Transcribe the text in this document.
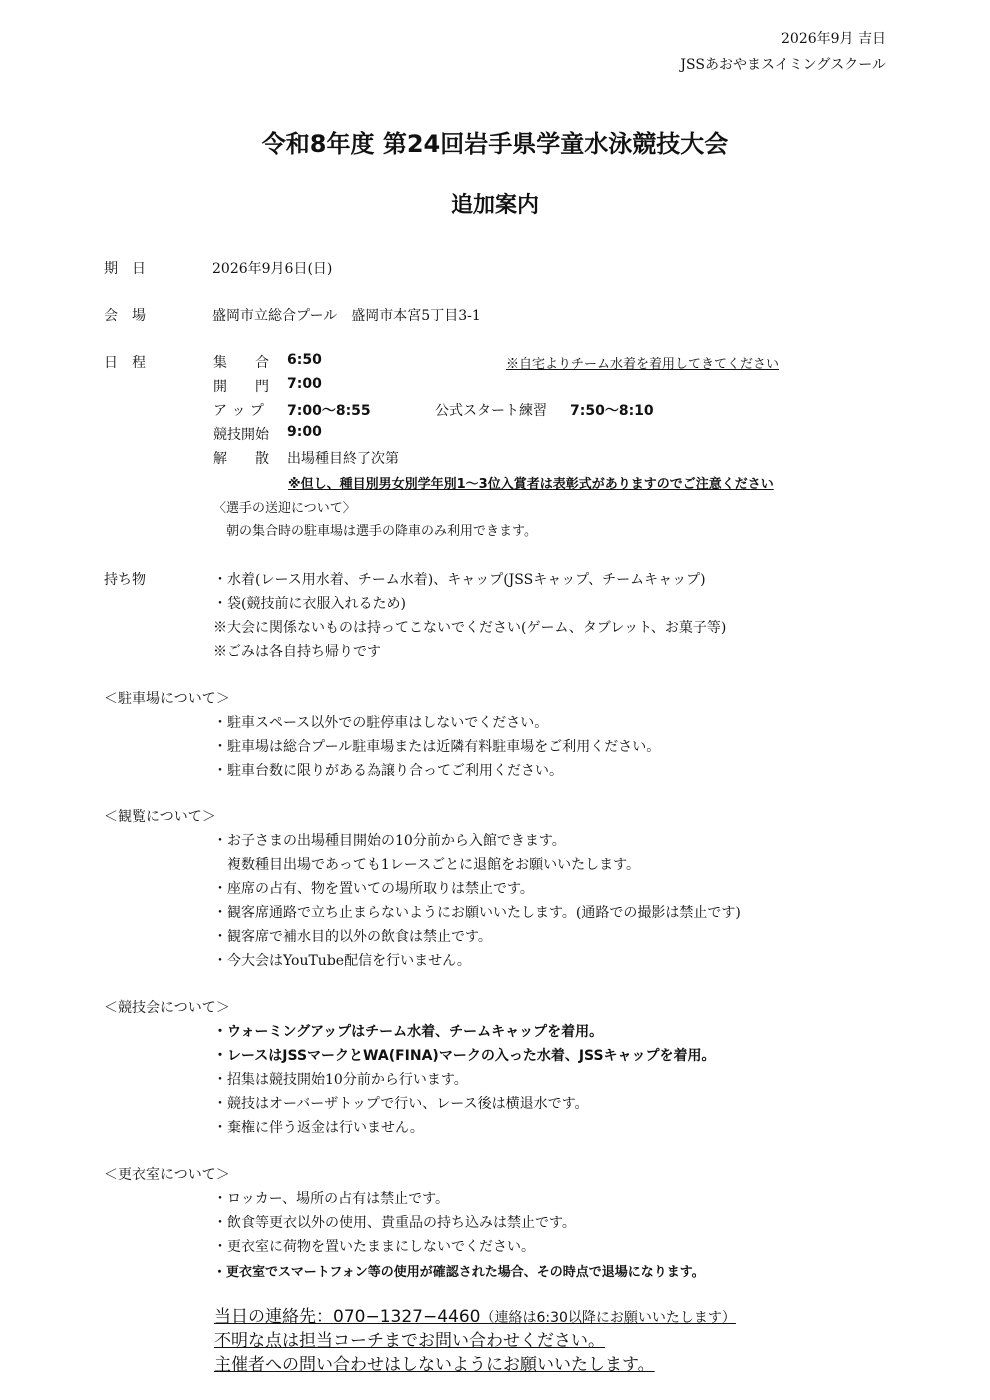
2026年9月 吉日
JSSあおやまスイミングスクール
令和8年度 第24回岩手県学童水泳競技大会
追加案内
期　日	2026年9月6日(日)
会　場	盛岡市立総合プール　盛岡市本宮5丁目3-1
日　程	集　　合 6:50	※自宅よりチーム水着を着用してきてください
開　　門 7:00
ア ッ プ 7:00〜8:55	公式スタート練習 7:50〜8:10
競技開始 9:00
解　　散 出場種目終了次第
※但し、種目別男女別学年別1〜3位入賞者は表彰式がありますのでご注意ください
〈選手の送迎について〉
朝の集合時の駐車場は選手の降車のみ利用できます。
持ち物	・水着(レース用水着、チーム水着)、キャップ(JSSキャップ、チームキャップ)
・袋(競技前に衣服入れるため)
※大会に関係ないものは持ってこないでください(ゲーム、タブレット、お菓子等)
※ごみは各自持ち帰りです
＜駐車場について＞
・駐車スペース以外での駐停車はしないでください。
・駐車場は総合プール駐車場または近隣有料駐車場をご利用ください。
・駐車台数に限りがある為譲り合ってご利用ください。
＜観覧について＞
・お子さまの出場種目開始の10分前から入館できます。
　複数種目出場であっても1レースごとに退館をお願いいたします。
・座席の占有、物を置いての場所取りは禁止です。
・観客席通路で立ち止まらないようにお願いいたします。(通路での撮影は禁止です)
・観客席で補水目的以外の飲食は禁止です。
・今大会はYouTube配信を行いません。
＜競技会について＞
・ウォーミングアップはチーム水着、チームキャップを着用。
・レースはJSSマークとWA(FINA)マークの入った水着、JSSキャップを着用。
・招集は競技開始10分前から行います。
・競技はオーバーザトップで行い、レース後は横退水です。
・棄権に伴う返金は行いません。
＜更衣室について＞
・ロッカー、場所の占有は禁止です。
・飲食等更衣以外の使用、貴重品の持ち込みは禁止です。
・更衣室に荷物を置いたままにしないでください。
・更衣室でスマートフォン等の使用が確認された場合、その時点で退場になります。
当日の連絡先：070−1327−4460（連絡は6:30以降にお願いいたします）
不明な点は担当コーチまでお問い合わせください。
主催者への問い合わせはしないようにお願いいたします。
